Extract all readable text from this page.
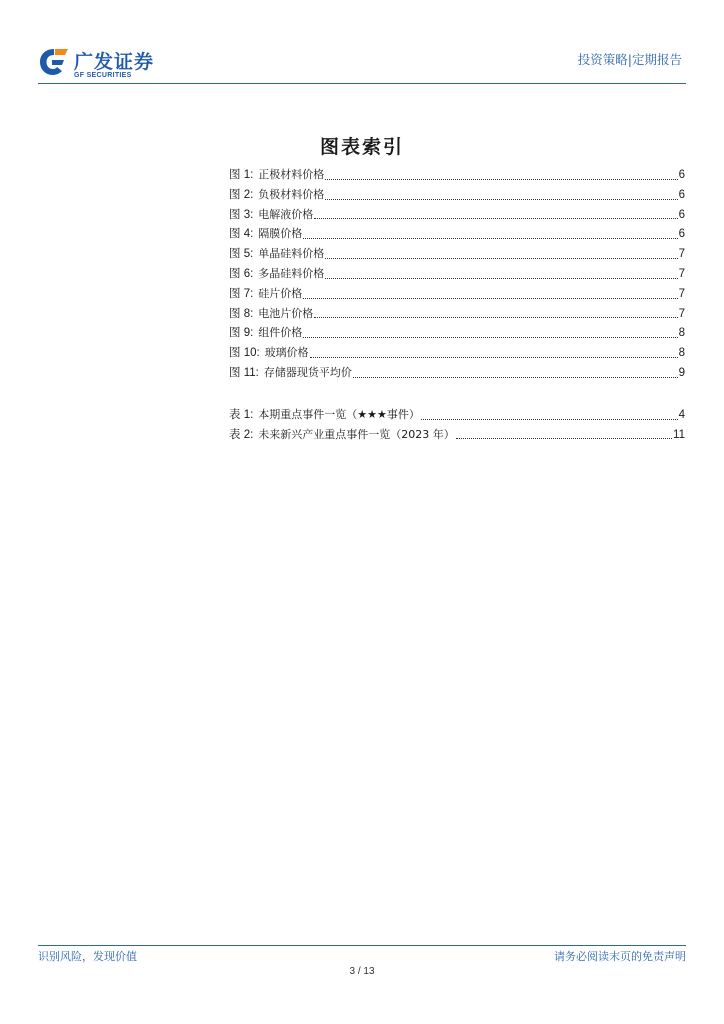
广发证券
GF SECURITIES
投资策略|定期报告
图表索引
图 1: 正极材料价格	6
图 2: 负极材料价格	6
图 3: 电解液价格	6
图 4: 隔膜价格	6
图 5: 单晶硅料价格	7
图 6: 多晶硅料价格	7
图 7: 硅片价格	7
图 8: 电池片价格	7
图 9: 组件价格	8
图 10: 玻璃价格	8
图 11: 存储器现货平均价	9
表 1: 本期重点事件一览（★★★事件）	4
表 2: 未来新兴产业重点事件一览（2023 年）	11
识别风险，发现价值	请务必阅读末页的免责声明
3 / 13
